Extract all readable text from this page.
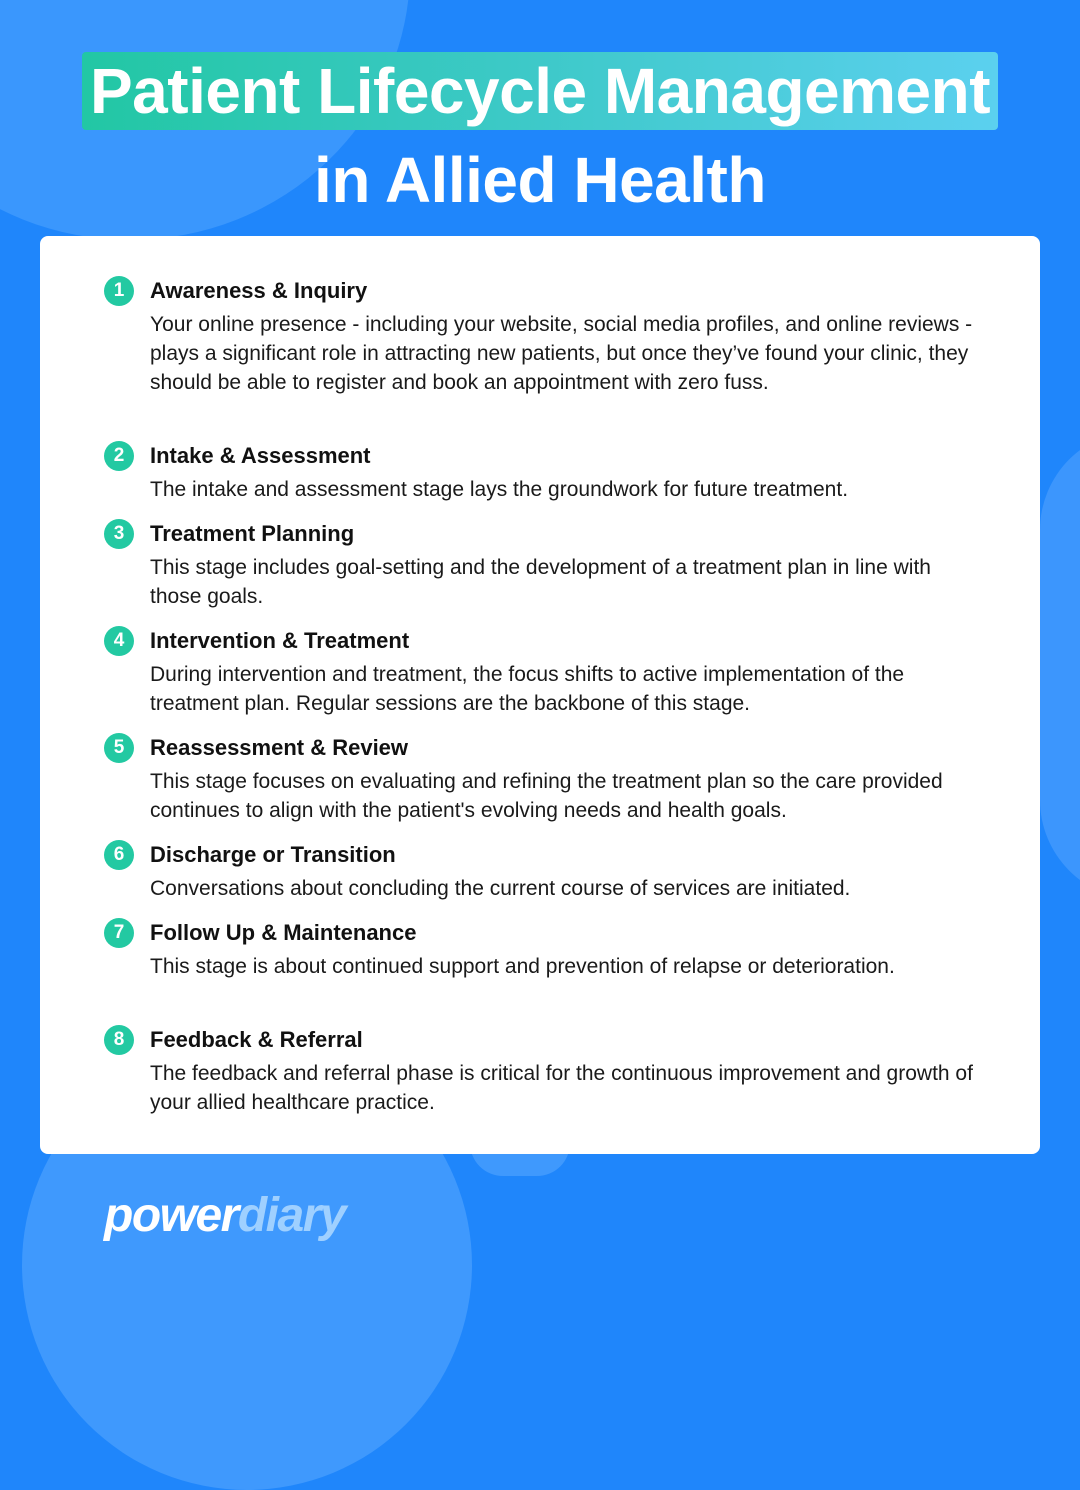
Patient Lifecycle Management
in Allied Health
1	Awareness & Inquiry
Your online presence - including your website, social media profiles, and online reviews - plays a significant role in attracting new patients, but once they’ve found your clinic, they should be able to register and book an appointment with zero fuss.
2	Intake & Assessment
The intake and assessment stage lays the groundwork for future treatment.
3	Treatment Planning
This stage includes goal-setting and the development of a treatment plan in line with those goals.
4	Intervention & Treatment
During intervention and treatment, the focus shifts to active implementation of the treatment plan. Regular sessions are the backbone of this stage.
5	Reassessment & Review
This stage focuses on evaluating and refining the treatment plan so the care provided continues to align with the patient's evolving needs and health goals.
6	Discharge or Transition
Conversations about concluding the current course of services are initiated.
7	Follow Up & Maintenance
This stage is about continued support and prevention of relapse or deterioration.
8	Feedback & Referral
The feedback and referral phase is critical for the continuous improvement and growth of your allied healthcare practice.
powerdiary
